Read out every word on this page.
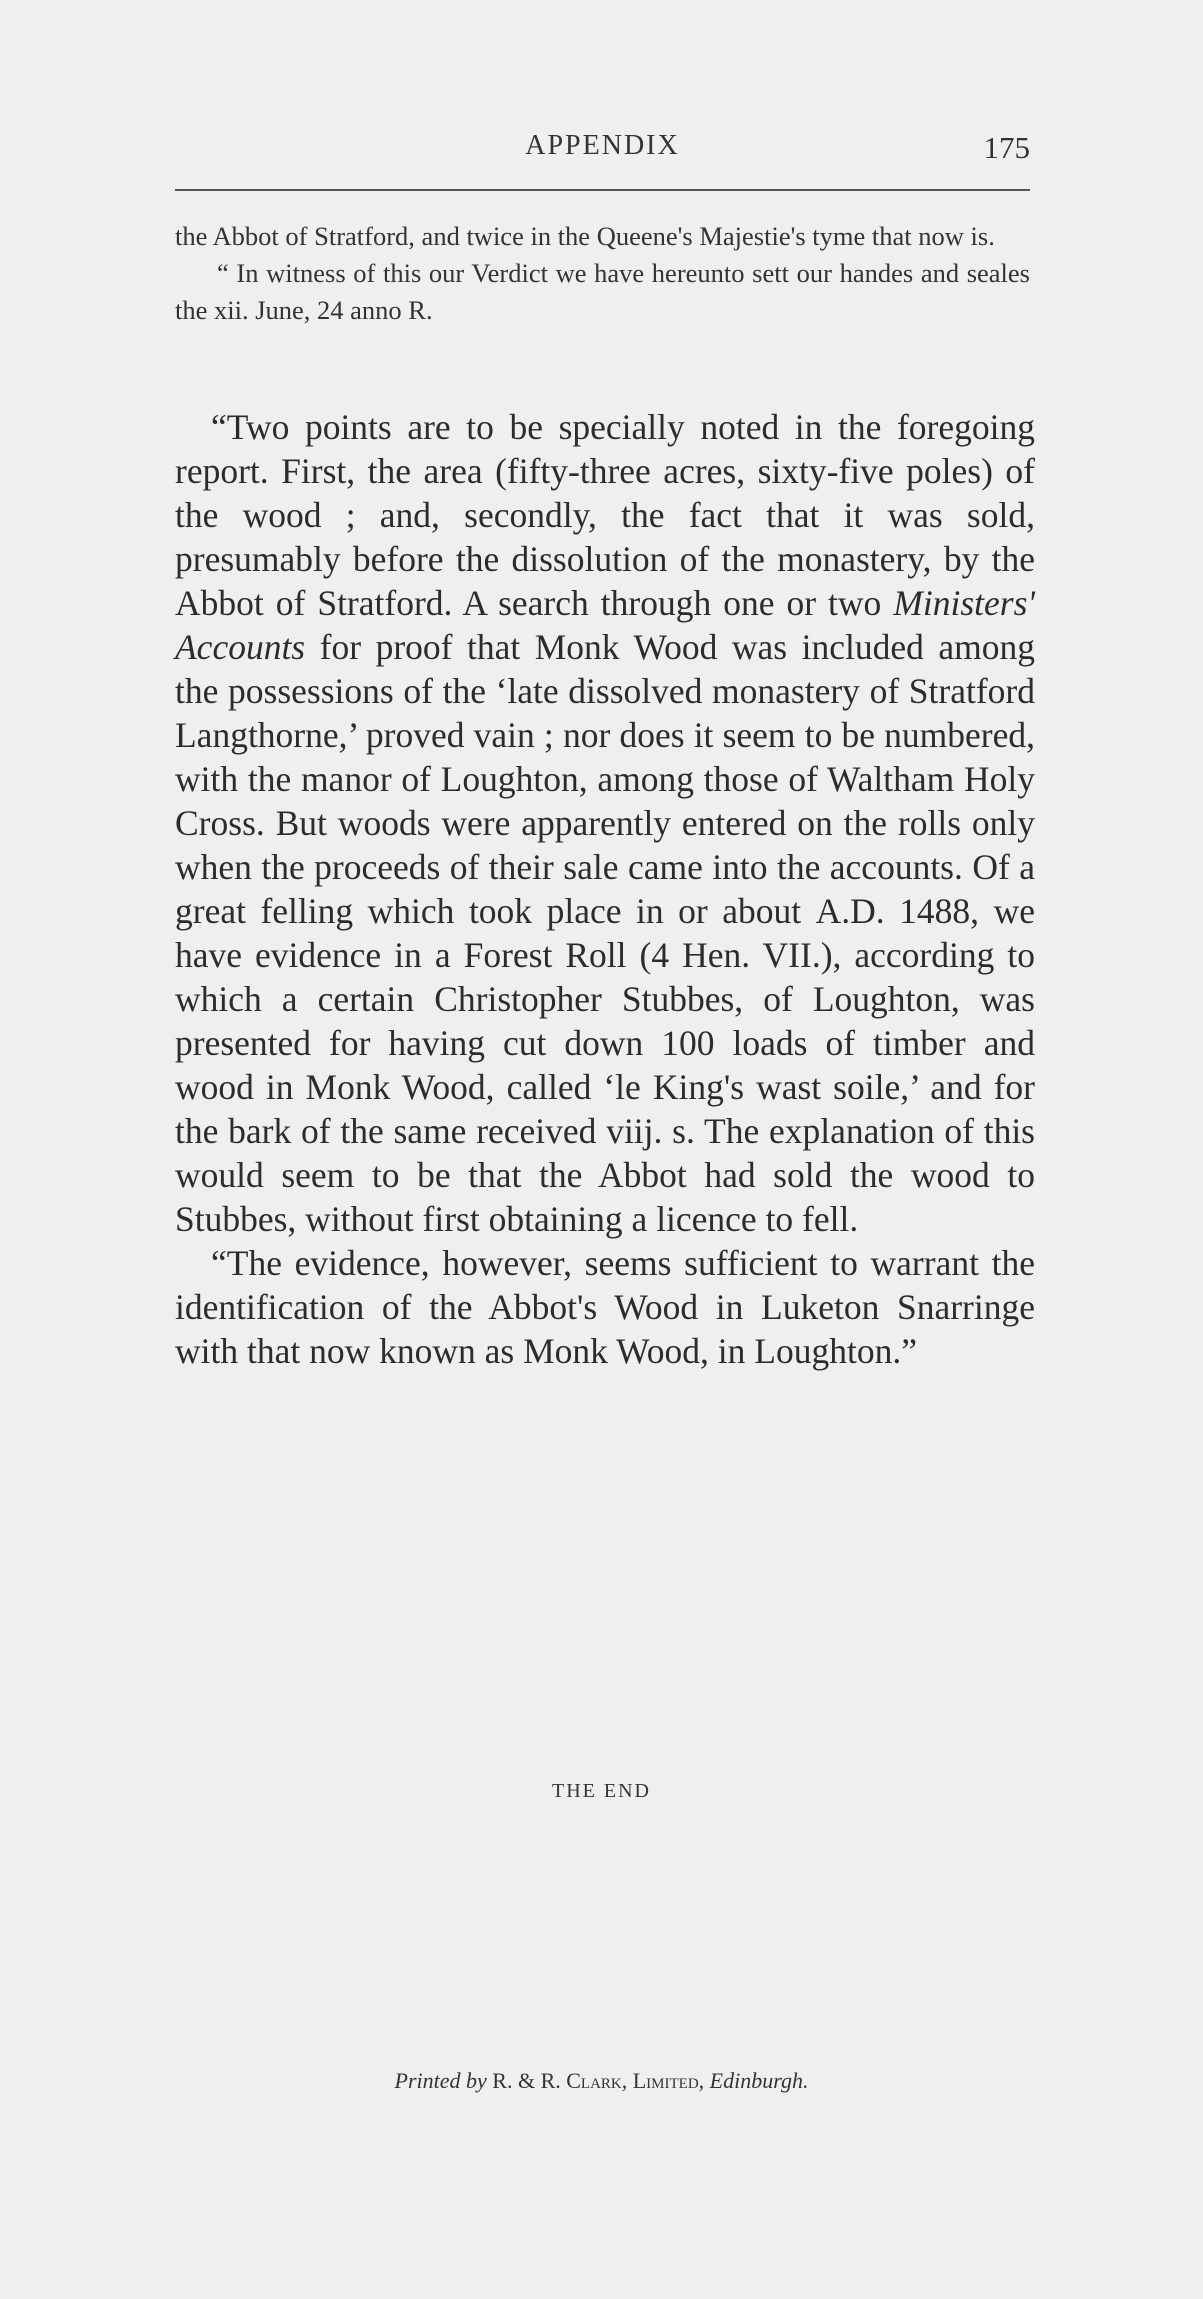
APPENDIX	175

the Abbot of Stratford, and twice in the Queene's Majestie's tyme that now is.

“ In witness of this our Verdict we have hereunto sett our handes and seales the xii. June, 24 anno R.

“Two points are to be specially noted in the foregoing report. First, the area (fifty-three acres, sixty-five poles) of the wood ; and, secondly, the fact that it was sold, presumably before the dissolution of the monastery, by the Abbot of Stratford. A search through one or two Ministers' Accounts for proof that Monk Wood was included among the possessions of the ‘late dissolved monastery of Stratford Langthorne,’ proved vain ; nor does it seem to be numbered, with the manor of Loughton, among those of Waltham Holy Cross. But woods were apparently entered on the rolls only when the proceeds of their sale came into the accounts. Of a great felling which took place in or about A.D. 1488, we have evidence in a Forest Roll (4 Hen. VII.), according to which a certain Christopher Stubbes, of Loughton, was presented for having cut down 100 loads of timber and wood in Monk Wood, called ‘le King's wast soile,’ and for the bark of the same received viij. s. The explanation of this would seem to be that the Abbot had sold the wood to Stubbes, without first obtaining a licence to fell.

“The evidence, however, seems sufficient to warrant the identification of the Abbot's Wood in Luketon Snarringe with that now known as Monk Wood, in Loughton.”

THE END
Printed by R. & R. Clark, Limited, Edinburgh.
